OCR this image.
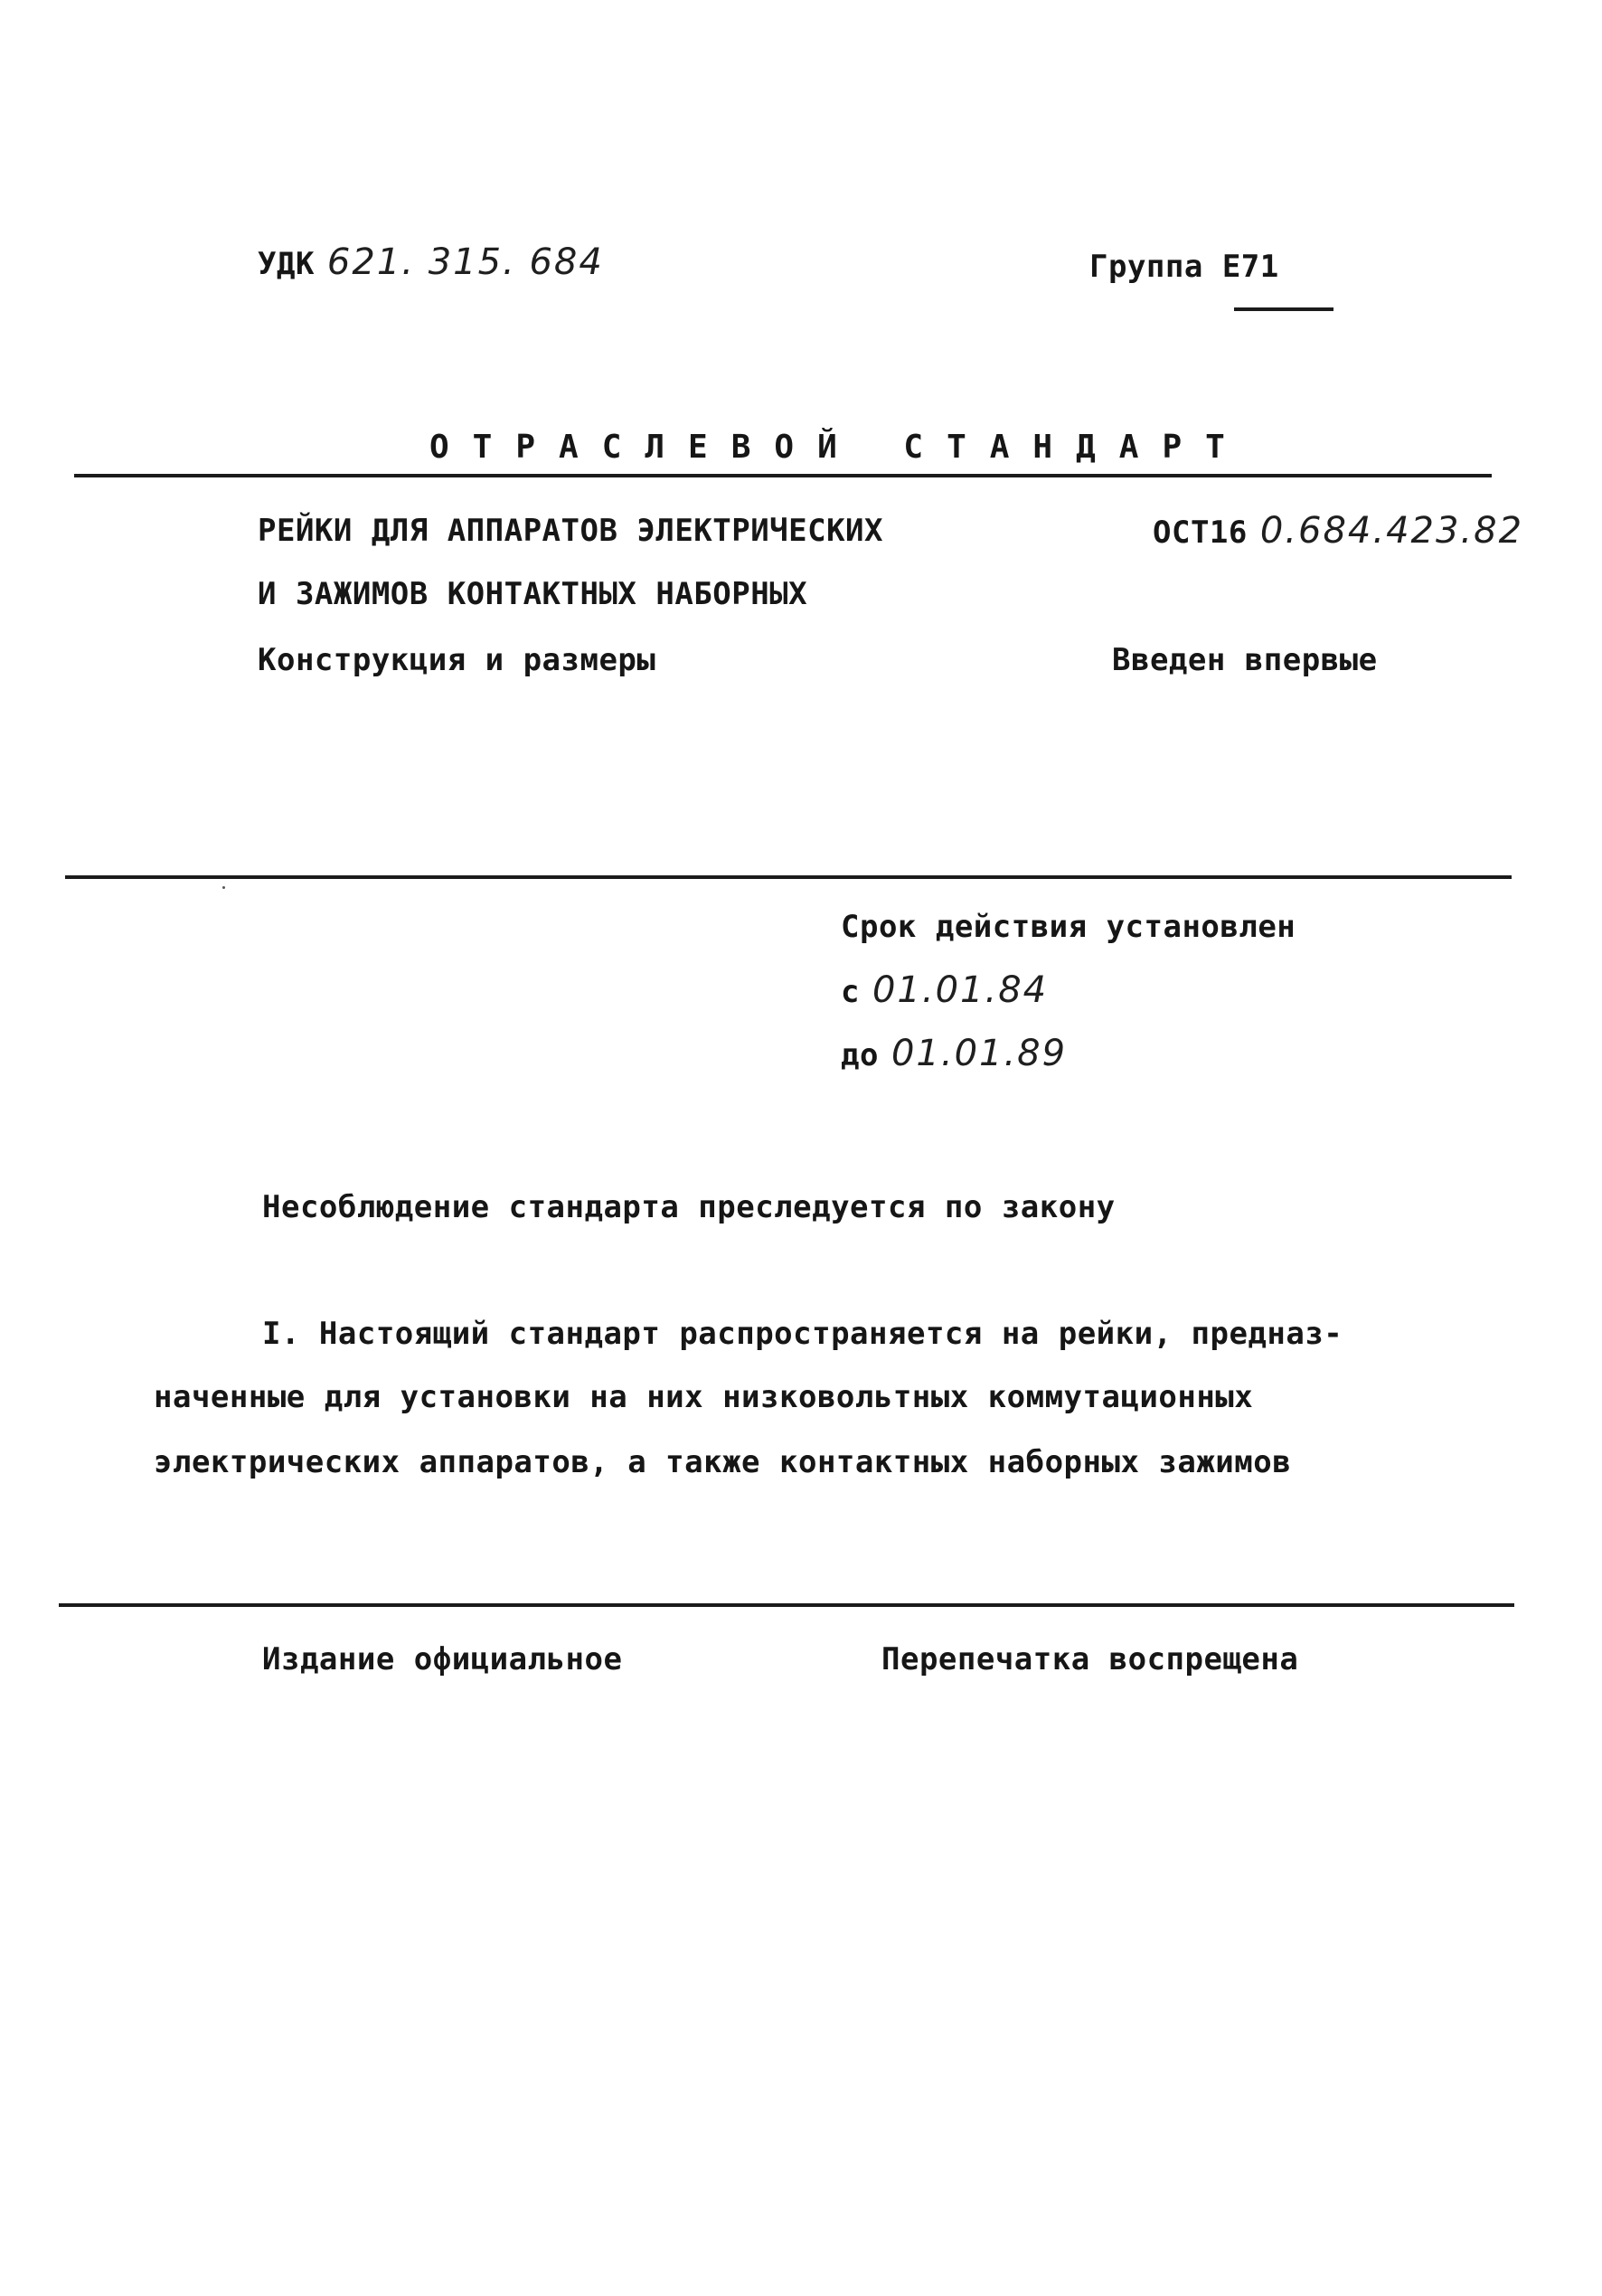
УДК 621. 315. 684	Группа Е71
ОТРАСЛЕВОЙ СТАНДАРТ
РЕЙКИ ДЛЯ АППАРАТОВ ЭЛЕКТРИЧЕСКИХ	ОСТ16 0.684.423.82
И ЗАЖИМОВ КОНТАКТНЫХ НАБОРНЫХ
Конструкция и размеры	Введен впервые
Срок действия установлен
с 01.01.84
до 01.01.89
Несоблюдение стандарта преследуется по закону
I. Настоящий стандарт распространяется на рейки, предназ-
наченные для установки на них низковольтных коммутационных
электрических аппаратов, а также контактных наборных зажимов
Издание официальное	Перепечатка воспрещена
